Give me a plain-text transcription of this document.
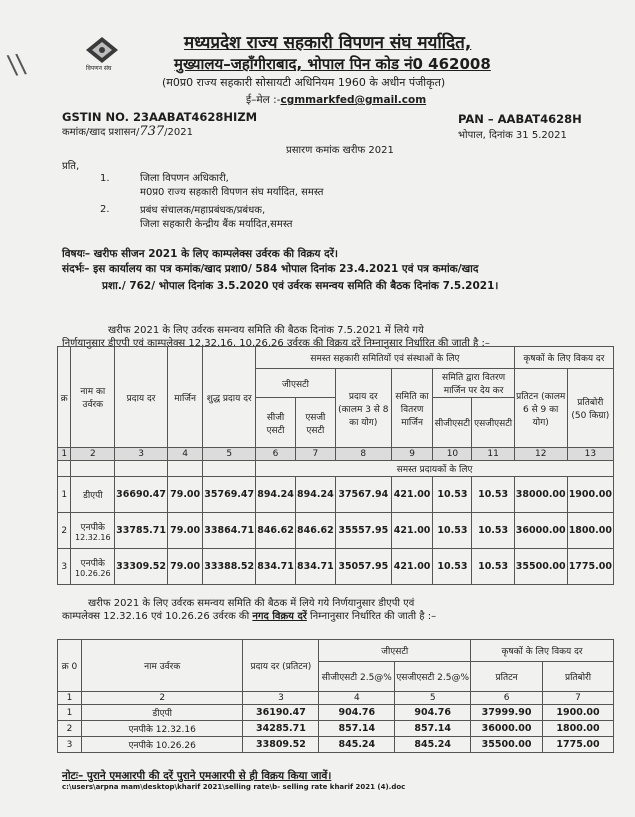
विपणन संघ
\\
मध्यप्रदेश राज्य सहकारी विपणन संघ मर्यादित,
मुख्यालय–जहाँगीराबाद, भोपाल पिन कोड नं0 462008
(म0प्र0 राज्य सहकारी सोसायटी अधिनियम 1960 के अधीन पंजीकृत)
ई–मेल :-cgmmarkfed@gmail.com
GSTIN NO. 23AABAT4628HIZM	PAN – AABAT4628H
कमांक/खाद प्रशासन/737/2021	भोपाल, दिनांक 31 5.2021
प्रसारण कमांक खरीफ 2021
प्रति,
1.	जिला विपणन अधिकारी,
म0प्र0 राज्य सहकारी विपणन संघ मर्यादित, समस्त
2.	प्रबंध संचालक/महाप्रबंधक/प्रबंधक,
जिला सहकारी केन्द्रीय बैंक मर्यादित,समस्त
विषयः– खरीफ सीजन 2021 के लिए काम्पलेक्स उर्वरक की विक्रय दरें।
संदर्भः– इस कार्यालय का पत्र कमांक/खाद प्रशा0/ 584 भोपाल दिनांक 23.4.2021 एवं पत्र कमांक/खाद
प्रशा./ 762/ भोपाल दिनांक 3.5.2020 एवं उर्वरक समन्वय समिति की बैठक दिनांक 7.5.2021।
खरीफ 2021 के लिए उर्वरक समन्वय समिति की बैठक दिनांक 7.5.2021 में लिये गये
निर्णयानुसार डीएपी एवं काम्पलेक्स 12.32.16, 10.26.26 उर्वरक की विक्रय दरें निम्नानुसार निर्धारित की जाती है :–
क्र	नाम का उर्वरक	प्रदाय दर	मार्जिन	शुद्ध प्रदाय दर	समस्त सहकारी समितियों एवं संस्थाओं के लिए						कृषकों के लिए विकय दर	
					जीएसटी		प्रदाय दर (कालम 3 से 8 का योग)	समिति का वितरण मार्जिन	समिति द्वारा वितरण मार्जिन पर देय कर		प्रतिटन (कालम 6 से 9 का योग)	प्रतिबोरी (50 किग्रा)
					सीजी एसटी	एसजी एसटी			सीजीएसटी	एसजीएसटी		
1	2	3	4	5	6	7	8	9	10	11	12	13
					समस्त प्रदायकों के लिए							
1	डीएपी	36690.47	79.00	35769.47	894.24	894.24	37567.94	421.00	10.53	10.53	38000.00	1900.00
2	एनपीके
12.32.16	33785.71	79.00	33864.71	846.62	846.62	35557.95	421.00	10.53	10.53	36000.00	1800.00
3	एनपीके
10.26.26	33309.52	79.00	33388.52	834.71	834.71	35057.95	421.00	10.53	10.53	35500.00	1775.00
खरीफ 2021 के लिए उर्वरक समन्वय समिति की बैठक में लिये गये निर्णयानुसार डीएपी एवं
काम्पलेक्स 12.32.16 एवं 10.26.26 उर्वरक की नगद विक्रय दरें निम्नानुसार निर्धारित की जाती है :–
क्र 0	नाम उर्वरक	प्रदाय दर (प्रतिटन)	जीएसटी		कृषकों के लिए विकय दर	
			सीजीएसटी 2.5@%	एसजीएसटी 2.5@%	प्रतिटन	प्रतिबोरी
1	2	3	4	5	6	7
1	डीएपी	36190.47	904.76	904.76	37999.90	1900.00
2	एनपीके 12.32.16	34285.71	857.14	857.14	36000.00	1800.00
3	एनपीके 10.26.26	33809.52	845.24	845.24	35500.00	1775.00
नोटः– पुराने एमआरपी की दरें पुराने एमआरपी से ही विक्रय किया जावें।
c:\users\arpna mam\desktop\kharif 2021\selling rate\b- selling rate kharif 2021 (4).doc
